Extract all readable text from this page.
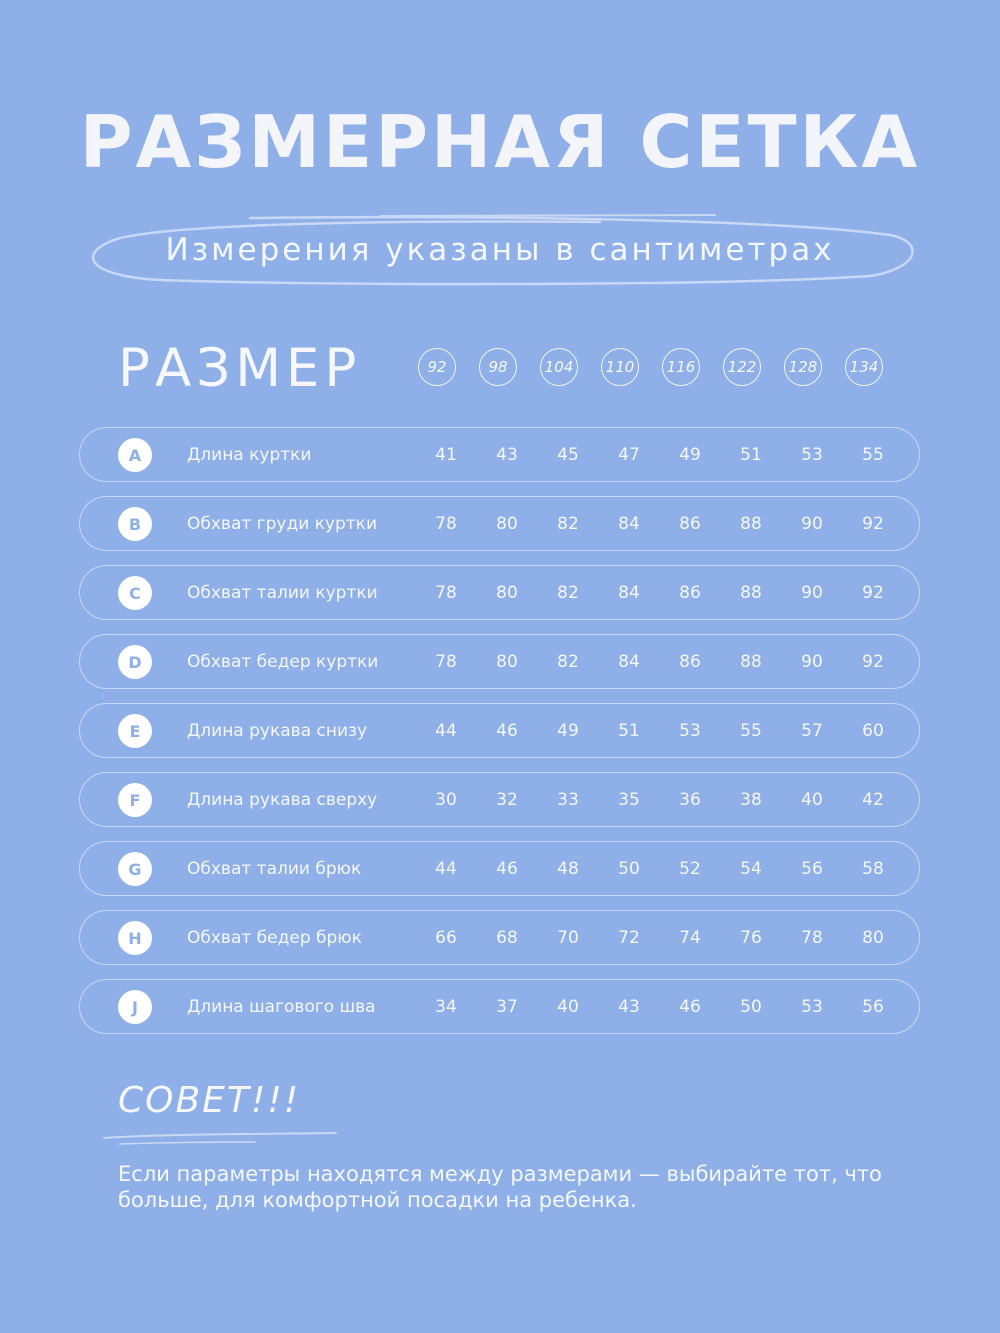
РАЗМЕРНАЯ СЕТКА
Измерения указаны в сантиметрах
РАЗМЕР	92	98	104	110	116	122	128	134
A	Длина куртки	41	43	45	47	49	51	53	55
B	Обхват груди куртки	78	80	82	84	86	88	90	92
C	Обхват талии куртки	78	80	82	84	86	88	90	92
D	Обхват бедер куртки	78	80	82	84	86	88	90	92
E	Длина рукава снизу	44	46	49	51	53	55	57	60
F	Длина рукава сверху	30	32	33	35	36	38	40	42
G	Обхват талии брюк	44	46	48	50	52	54	56	58
H	Обхват бедер брюк	66	68	70	72	74	76	78	80
J	Длина шагового шва	34	37	40	43	46	50	53	56
СОВЕТ!!!
Если параметры находятся между размерами — выбирайте тот, что больше, для комфортной посадки на ребенка.
